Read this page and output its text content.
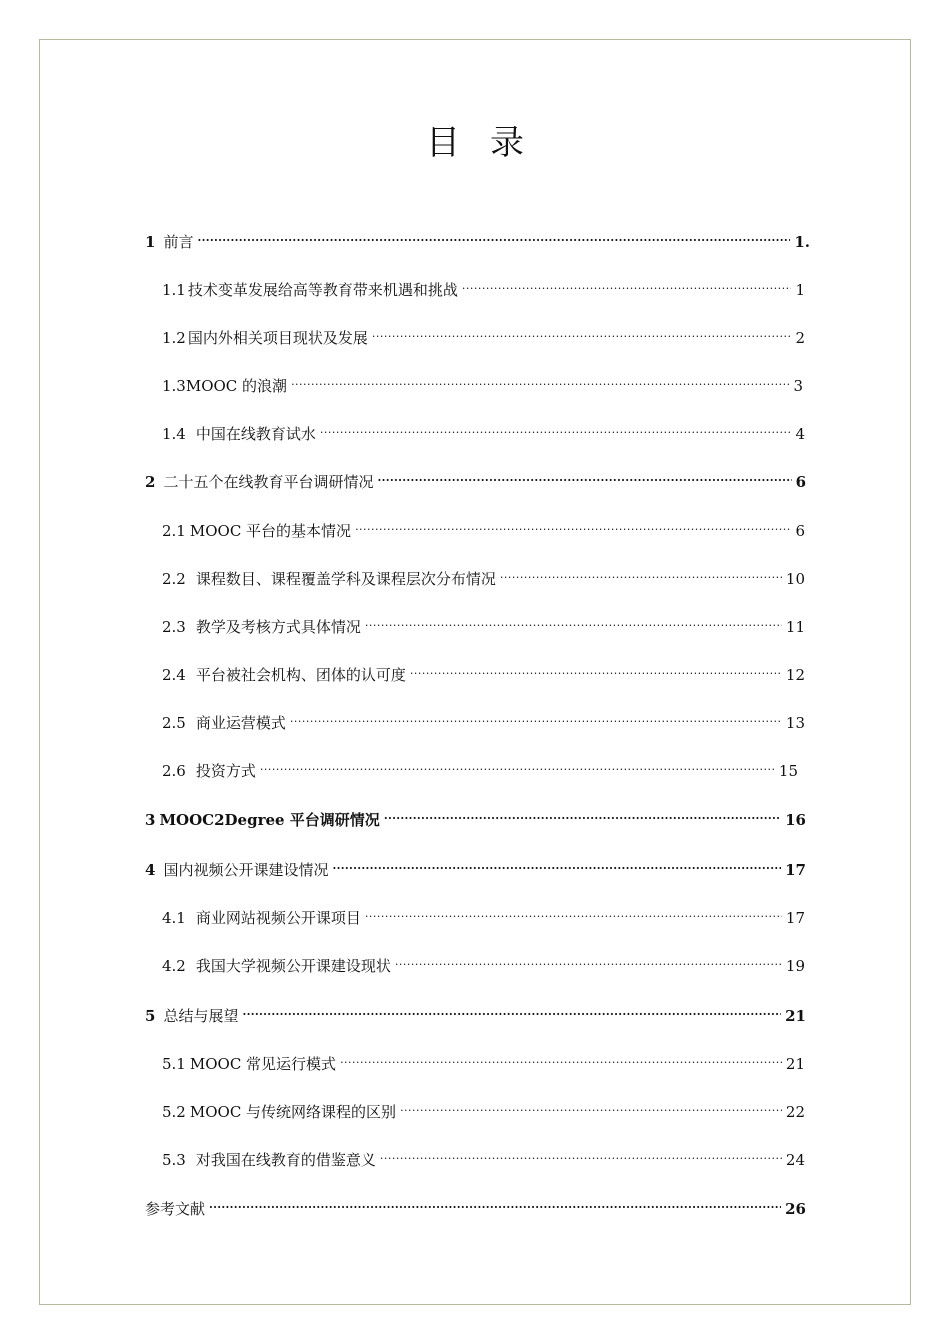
目 录
1 前言 .....	1.
1.1 技术变革发展给高等教育带来机遇和挑战 .....	1
1.2 国内外相关项目现状及发展 .....	2
1.3MOOC 的浪潮 .....	3
1.4 中国在线教育试水 .....	4
2 二十五个在线教育平台调研情况 .....	6
2.1 MOOC 平台的基本情况 .....	6
2.2 课程数目、课程覆盖学科及课程层次分布情况 .....	10
2.3 教学及考核方式具体情况 .....	11
2.4 平台被社会机构、团体的认可度 .....	12
2.5 商业运营模式 .....	13
2.6 投资方式 .....	15
3 MOOC2Degree 平台调研情况 .....	16
4 国内视频公开课建设情况 .....	17
4.1 商业网站视频公开课项目 .....	17
4.2 我国大学视频公开课建设现状 .....	19
5 总结与展望 .....	21
5.1 MOOC 常见运行模式 .....	21
5.2 MOOC 与传统网络课程的区别 .....	22
5.3 对我国在线教育的借鉴意义 .....	24
参考文献 .....	26
